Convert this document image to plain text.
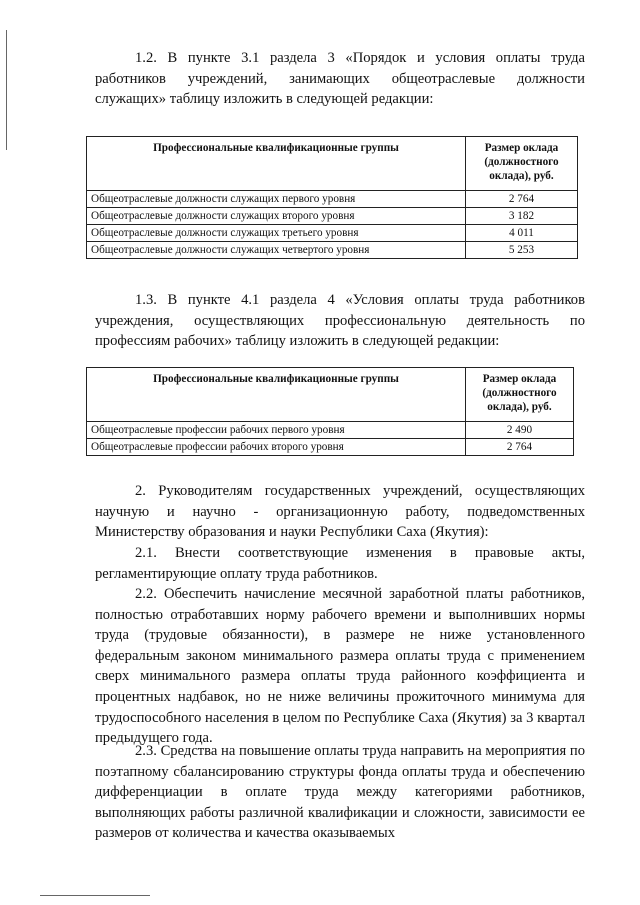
1.2. В пункте 3.1 раздела 3 «Порядок и условия оплаты труда работников учреждений, занимающих общеотраслевые должности служащих» таблицу изложить в следующей редакции:

Профессиональные квалификационные группы	Размер оклада (должностного оклада), руб.
Общеотраслевые должности служащих первого уровня	2 764
Общеотраслевые должности служащих второго уровня	3 182
Общеотраслевые должности служащих третьего уровня	4 011
Общеотраслевые должности служащих четвертого уровня	5 253

1.3. В пункте 4.1 раздела 4 «Условия оплаты труда работников учреждения, осуществляющих профессиональную деятельность по профессиям рабочих» таблицу изложить в следующей редакции:

Профессиональные квалификационные группы	Размер оклада (должностного оклада), руб.
Общеотраслевые профессии рабочих первого уровня	2 490
Общеотраслевые профессии рабочих второго уровня	2 764

2. Руководителям государственных учреждений, осуществляющих научную и научно - организационную работу, подведомственных Министерству образования и науки Республики Саха (Якутия):

2.1. Внести соответствующие изменения в правовые акты, регламентирующие оплату труда работников.

2.2. Обеспечить начисление месячной заработной платы работников, полностью отработавших норму рабочего времени и выполнивших нормы труда (трудовые обязанности), в размере не ниже установленного федеральным законом минимального размера оплаты труда с применением сверх минимального размера оплаты труда районного коэффициента и процентных надбавок, но не ниже величины прожиточного минимума для трудоспособного населения в целом по Республике Саха (Якутия) за 3 квартал предыдущего года.

2.3. Средства на повышение оплаты труда направить на мероприятия по поэтапному сбалансированию структуры фонда оплаты труда и обеспечению дифференциации в оплате труда между категориями работников, выполняющих работы различной квалификации и сложности, зависимости ее размеров от количества и качества оказываемых
